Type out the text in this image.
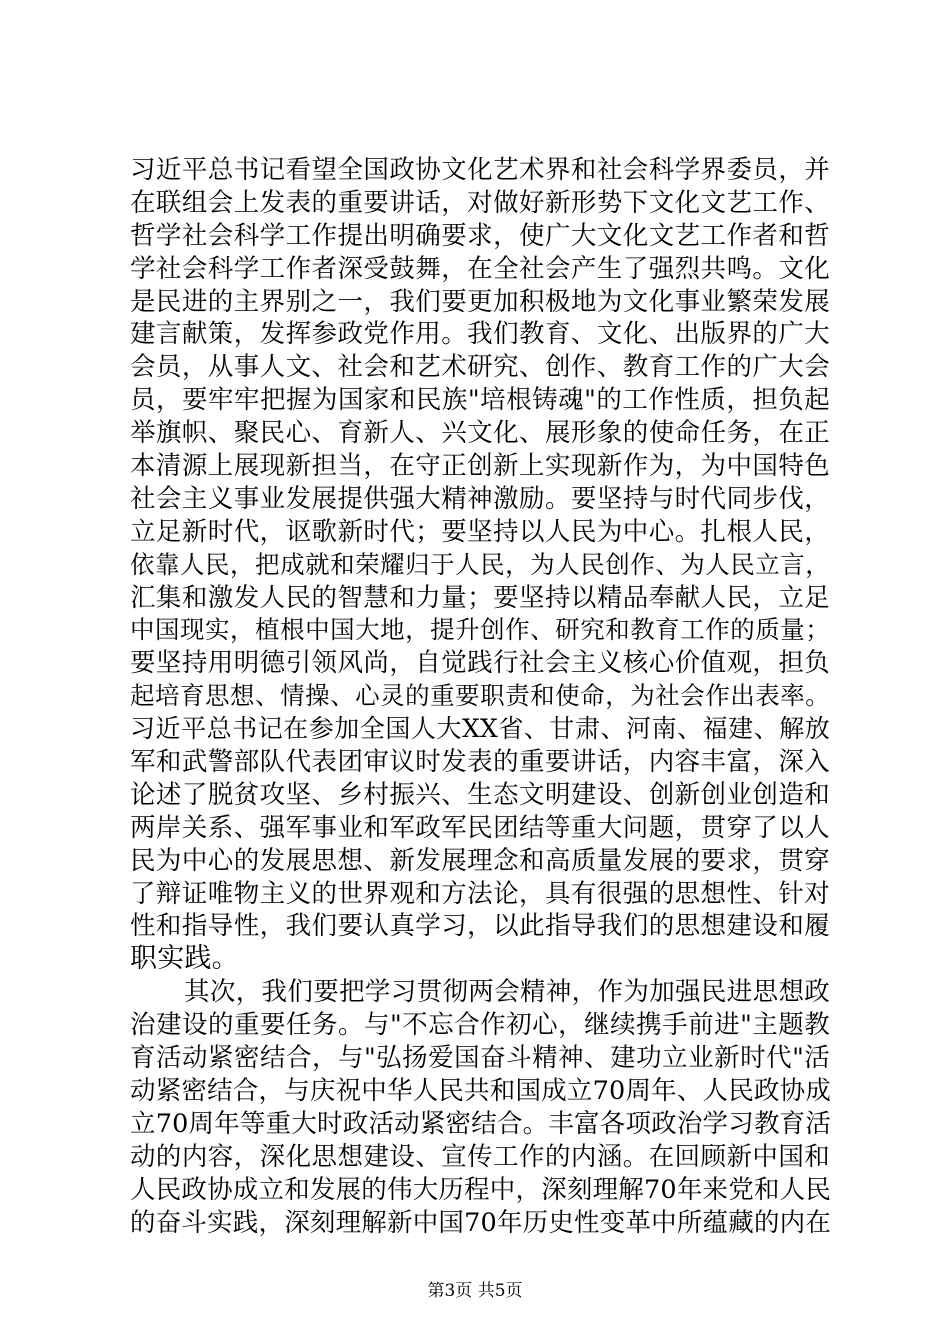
习近平总书记看望全国政协文化艺术界和社会科学界委员，并
在联组会上发表的重要讲话，对做好新形势下文化文艺工作、
哲学社会科学工作提出明确要求，使广大文化文艺工作者和哲
学社会科学工作者深受鼓舞，在全社会产生了强烈共鸣。文化
是民进的主界别之一，我们要更加积极地为文化事业繁荣发展
建言献策，发挥参政党作用。我们教育、文化、出版界的广大
会员，从事人文、社会和艺术研究、创作、教育工作的广大会
员，要牢牢把握为国家和民族"培根铸魂"的工作性质，担负起
举旗帜、聚民心、育新人、兴文化、展形象的使命任务，在正
本清源上展现新担当，在守正创新上实现新作为，为中国特色
社会主义事业发展提供强大精神激励。要坚持与时代同步伐，
立足新时代，讴歌新时代；要坚持以人民为中心。扎根人民，
依靠人民，把成就和荣耀归于人民，为人民创作、为人民立言，
汇集和激发人民的智慧和力量；要坚持以精品奉献人民，立足
中国现实，植根中国大地，提升创作、研究和教育工作的质量；
要坚持用明德引领风尚，自觉践行社会主义核心价值观，担负
起培育思想、情操、心灵的重要职责和使命，为社会作出表率。
习近平总书记在参加全国人大XX省、甘肃、河南、福建、解放
军和武警部队代表团审议时发表的重要讲话，内容丰富，深入
论述了脱贫攻坚、乡村振兴、生态文明建设、创新创业创造和
两岸关系、强军事业和军政军民团结等重大问题，贯穿了以人
民为中心的发展思想、新发展理念和高质量发展的要求，贯穿
了辩证唯物主义的世界观和方法论，具有很强的思想性、针对
性和指导性，我们要认真学习，以此指导我们的思想建设和履
职实践。
其次，我们要把学习贯彻两会精神，作为加强民进思想政
治建设的重要任务。与"不忘合作初心，继续携手前进"主题教
育活动紧密结合，与"弘扬爱国奋斗精神、建功立业新时代"活
动紧密结合，与庆祝中华人民共和国成立70周年、人民政协成
立70周年等重大时政活动紧密结合。丰富各项政治学习教育活
动的内容，深化思想建设、宣传工作的内涵。在回顾新中国和
人民政协成立和发展的伟大历程中，深刻理解70年来党和人民
的奋斗实践，深刻理解新中国70年历史性变革中所蕴藏的内在
第3页 共5页
